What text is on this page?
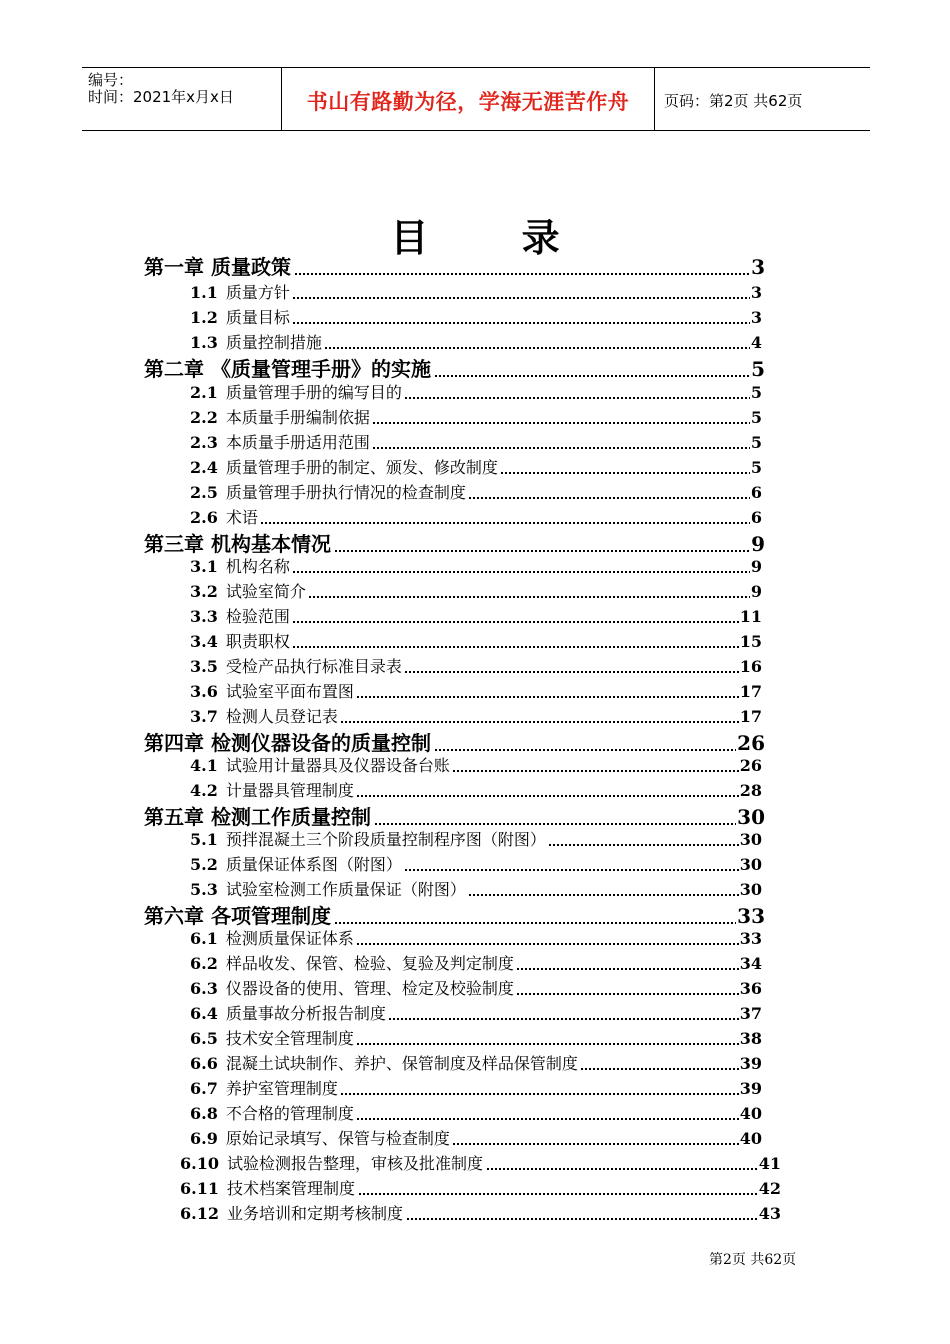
编号：
时间：2021年x月x日	书山有路勤为径，学海无涯苦作舟	页码：第2页 共62页
目 录
第一章 质量政策	3
1.1 质量方针	3
1.2 质量目标	3
1.3 质量控制措施	4
第二章 《质量管理手册》的实施	5
2.1 质量管理手册的编写目的	5
2.2 本质量手册编制依据	5
2.3 本质量手册适用范围	5
2.4 质量管理手册的制定、颁发、修改制度	5
2.5 质量管理手册执行情况的检查制度	6
2.6 术语	6
第三章 机构基本情况	9
3.1 机构名称	9
3.2 试验室简介	9
3.3 检验范围	11
3.4 职责职权	15
3.5 受检产品执行标准目录表	16
3.6 试验室平面布置图	17
3.7 检测人员登记表	17
第四章 检测仪器设备的质量控制	26
4.1 试验用计量器具及仪器设备台账	26
4.2 计量器具管理制度	28
第五章 检测工作质量控制	30
5.1 预拌混凝土三个阶段质量控制程序图（附图）	30
5.2 质量保证体系图（附图）	30
5.3 试验室检测工作质量保证（附图）	30
第六章 各项管理制度	33
6.1 检测质量保证体系	33
6.2 样品收发、保管、检验、复验及判定制度	34
6.3 仪器设备的使用、管理、检定及校验制度	36
6.4 质量事故分析报告制度	37
6.5 技术安全管理制度	38
6.6 混凝土试块制作、养护、保管制度及样品保管制度	39
6.7 养护室管理制度	39
6.8 不合格的管理制度	40
6.9 原始记录填写、保管与检查制度	40
6.10 试验检测报告整理，审核及批准制度	41
6.11 技术档案管理制度	42
6.12 业务培训和定期考核制度	43
第2页 共62页
